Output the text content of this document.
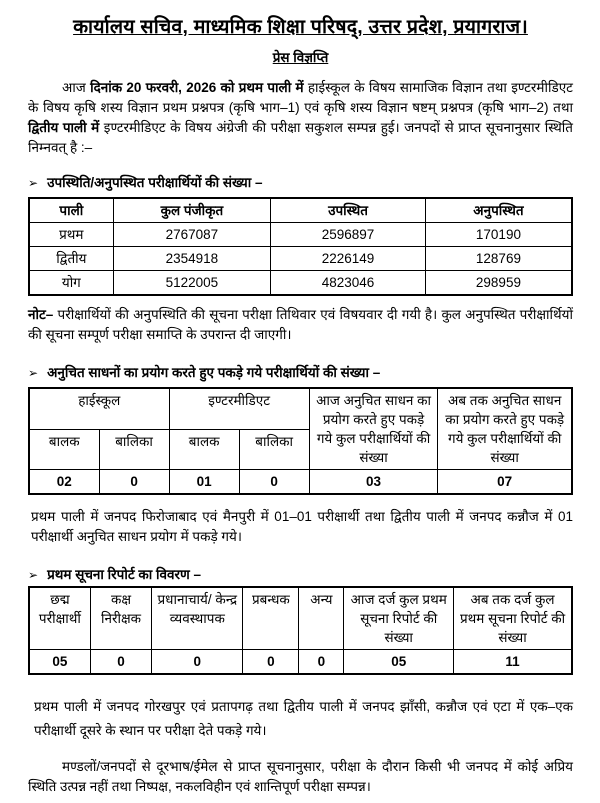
कार्यालय सचिव, माध्यमिक शिक्षा परिषद्, उत्तर प्रदेश, प्रयागराज।
प्रेस विज्ञप्ति

आज दिनांक 20 फरवरी, 2026 को प्रथम पाली में हाईस्कूल के विषय सामाजिक विज्ञान तथा इण्टरमीडिएट के विषय कृषि शस्य विज्ञान प्रथम प्रश्नपत्र (कृषि भाग–1) एवं कृषि शस्य विज्ञान षष्टम् प्रश्नपत्र (कृषि भाग–2) तथा द्वितीय पाली में इण्टरमीडिएट के विषय अंग्रेजी की परीक्षा सकुशल सम्पन्न हुई। जनपदों से प्राप्त सूचनानुसार स्थिति निम्नवत् है :–

➢ उपस्थिति/अनुपस्थित परीक्षार्थियों की संख्या –
पाली	कुल पंजीकृत	उपस्थित	अनुपस्थित
प्रथम	2767087	2596897	170190
द्वितीय	2354918	2226149	128769
योग	5122005	4823046	298959

नोट– परीक्षार्थियों की अनुपस्थिति की सूचना परीक्षा तिथिवार एवं विषयवार दी गयी है। कुल अनुपस्थित परीक्षार्थियों की सूचना सम्पूर्ण परीक्षा समाप्ति के उपरान्त दी जाएगी।

➢ अनुचित साधनों का प्रयोग करते हुए पकड़े गये परीक्षार्थियों की संख्या –
हाईस्कूल		इण्टरमीडिएट		आज अनुचित साधन का प्रयोग करते हुए पकड़े गये कुल परीक्षार्थियों की संख्या	अब तक अनुचित साधन का प्रयोग करते हुए पकड़े गये कुल परीक्षार्थियों की संख्या
बालक	बालिका	बालक	बालिका		
02	0	01	0	03	07

प्रथम पाली में जनपद फिरोजाबाद एवं मैनपुरी में 01–01 परीक्षार्थी तथा द्वितीय पाली में जनपद कन्नौज में 01 परीक्षार्थी अनुचित साधन प्रयोग में पकड़े गये।

➢ प्रथम सूचना रिपोर्ट का विवरण –
छद्म परीक्षार्थी	कक्ष निरीक्षक	प्रधानाचार्य/ केन्द्र व्यवस्थापक	प्रबन्धक	अन्य	आज दर्ज कुल प्रथम सूचना रिपोर्ट की संख्या	अब तक दर्ज कुल प्रथम सूचना रिपोर्ट की संख्या
05	0	0	0	0	05	11

प्रथम पाली में जनपद गोरखपुर एवं प्रतापगढ़ तथा द्वितीय पाली में जनपद झाँसी, कन्नौज एवं एटा में एक–एक परीक्षार्थी दूसरे के स्थान पर परीक्षा देते पकड़े गये।

मण्डलों/जनपदों से दूरभाष/ईमेल से प्राप्त सूचनानुसार, परीक्षा के दौरान किसी भी जनपद में कोई अप्रिय स्थिति उत्पन्न नहीं तथा निष्पक्ष, नकलविहीन एवं शान्तिपूर्ण परीक्षा सम्पन्न।
